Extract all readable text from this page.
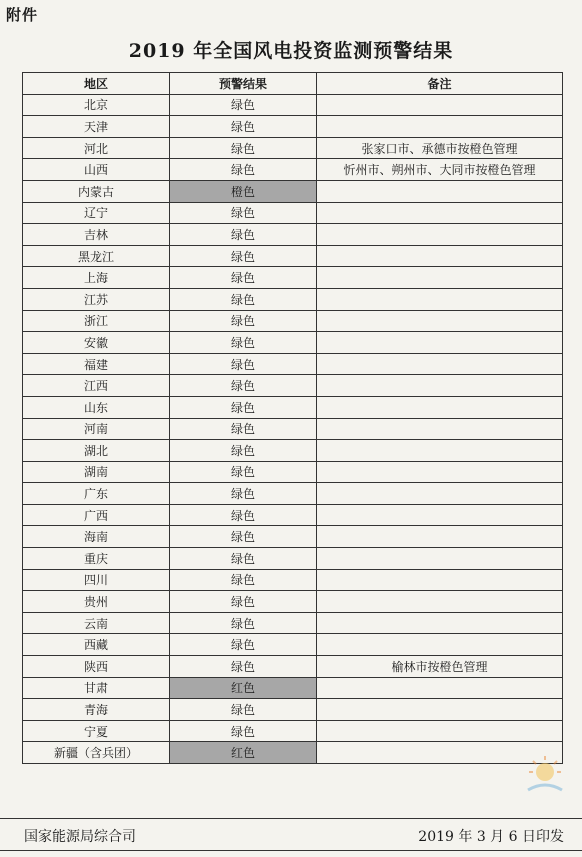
附件
2019 年全国风电投资监测预警结果
地区	预警结果	备注
北京	绿色	
天津	绿色	
河北	绿色	张家口市、承德市按橙色管理
山西	绿色	忻州市、朔州市、大同市按橙色管理
内蒙古	橙色	
辽宁	绿色	
吉林	绿色	
黑龙江	绿色	
上海	绿色	
江苏	绿色	
浙江	绿色	
安徽	绿色	
福建	绿色	
江西	绿色	
山东	绿色	
河南	绿色	
湖北	绿色	
湖南	绿色	
广东	绿色	
广西	绿色	
海南	绿色	
重庆	绿色	
四川	绿色	
贵州	绿色	
云南	绿色	
西藏	绿色	
陕西	绿色	榆林市按橙色管理
甘肃	红色	
青海	绿色	
宁夏	绿色	
新疆（含兵团）	红色	
国家能源局综合司	2019 年 3 月 6 日印发
